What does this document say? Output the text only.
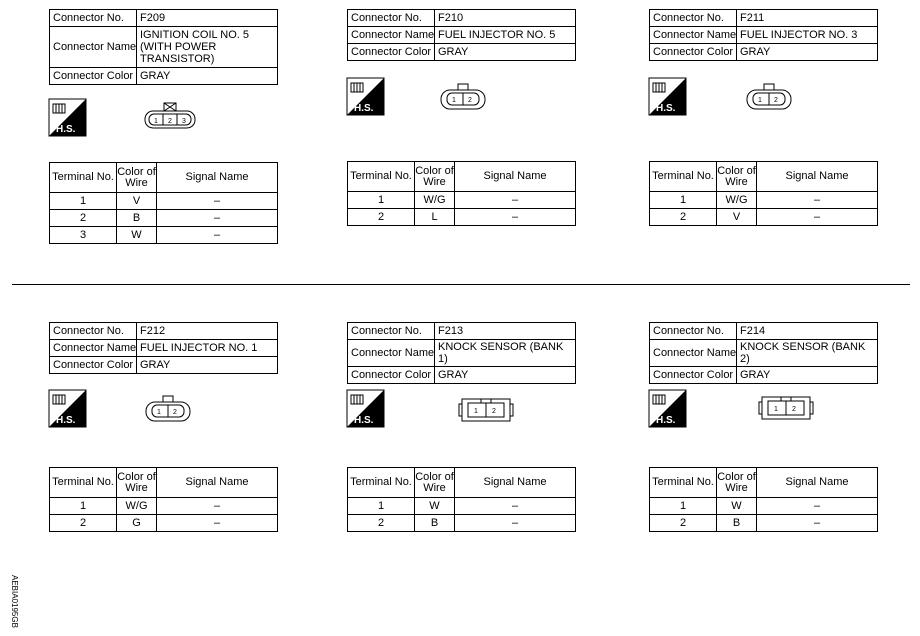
Connector No.	F209
Connector Name	IGNITION COIL NO. 5 (WITH POWER TRANSISTOR)
Connector Color	GRAY
H.S.
1 2 3
Terminal No.	Color of Wire	Signal Name
1	V	–
2	B	–
3	W	–
Connector No.	F210
Connector Name	FUEL INJECTOR NO. 5
Connector Color	GRAY
H.S.
1 2
Terminal No.	Color of Wire	Signal Name
1	W/G	–
2	L	–
Connector No.	F211
Connector Name	FUEL INJECTOR NO. 3
Connector Color	GRAY
H.S.
1 2
Terminal No.	Color of Wire	Signal Name
1	W/G	–
2	V	–
Connector No.	F212
Connector Name	FUEL INJECTOR NO. 1
Connector Color	GRAY
H.S.
1 2
Terminal No.	Color of Wire	Signal Name
1	W/G	–
2	G	–
Connector No.	F213
Connector Name	KNOCK SENSOR (BANK 1)
Connector Color	GRAY
H.S.
1 2
Terminal No.	Color of Wire	Signal Name
1	W	–
2	B	–
Connector No.	F214
Connector Name	KNOCK SENSOR (BANK 2)
Connector Color	GRAY
H.S.
1 2
Terminal No.	Color of Wire	Signal Name
1	W	–
2	B	–
AEBIA0195GB
